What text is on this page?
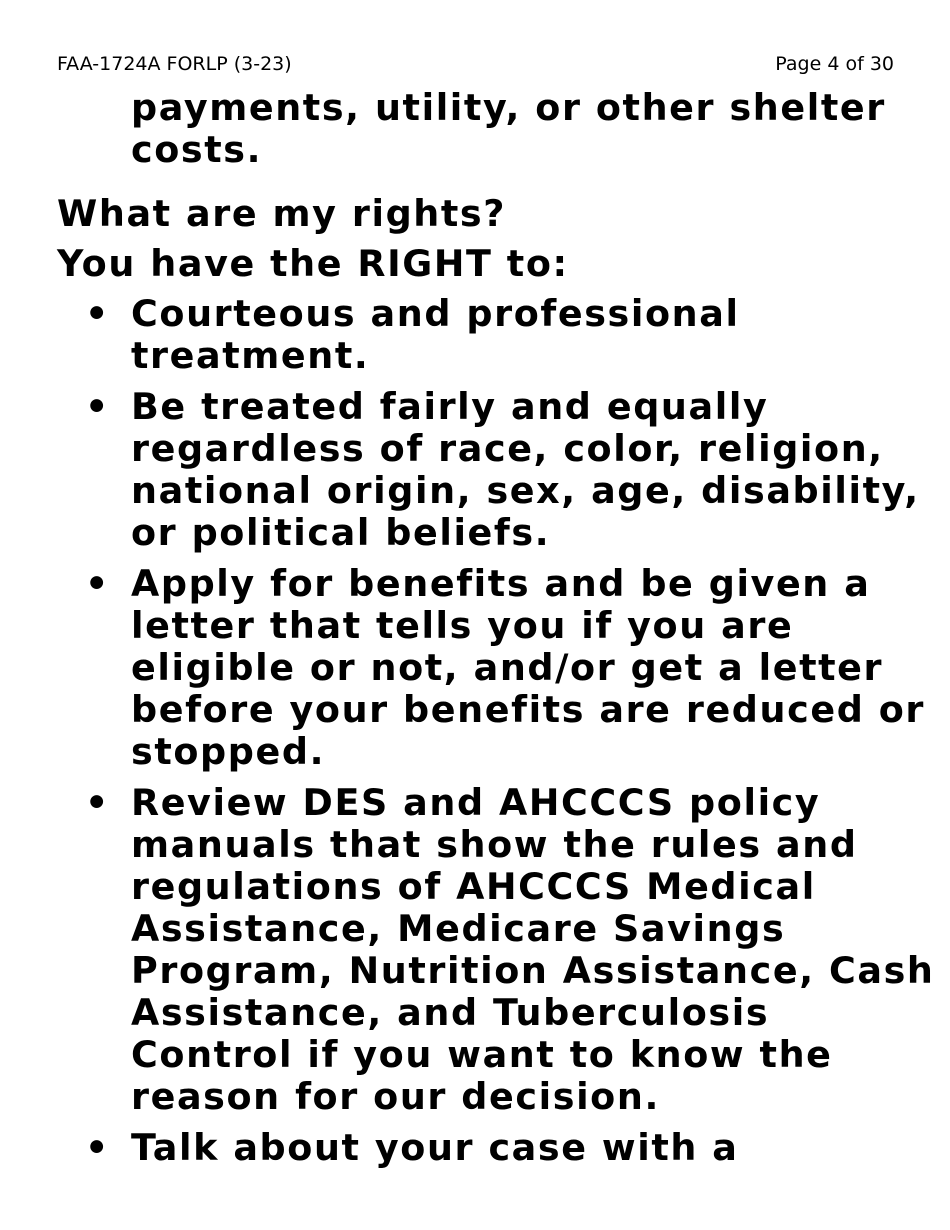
FAA-1724A FORLP (3-23)	Page 4 of 30

payments, utility, or other shelter costs.

What are my rights?
You have the RIGHT to:
• Courteous and professional treatment.
• Be treated fairly and equally regardless of race, color, religion, national origin, sex, age, disability, or political beliefs.
• Apply for benefits and be given a letter that tells you if you are eligible or not, and/or get a letter before your benefits are reduced or stopped.
• Review DES and AHCCCS policy manuals that show the rules and regulations of AHCCCS Medical Assistance, Medicare Savings Program, Nutrition Assistance, Cash Assistance, and Tuberculosis Control if you want to know the reason for our decision.
• Talk about your case with a
